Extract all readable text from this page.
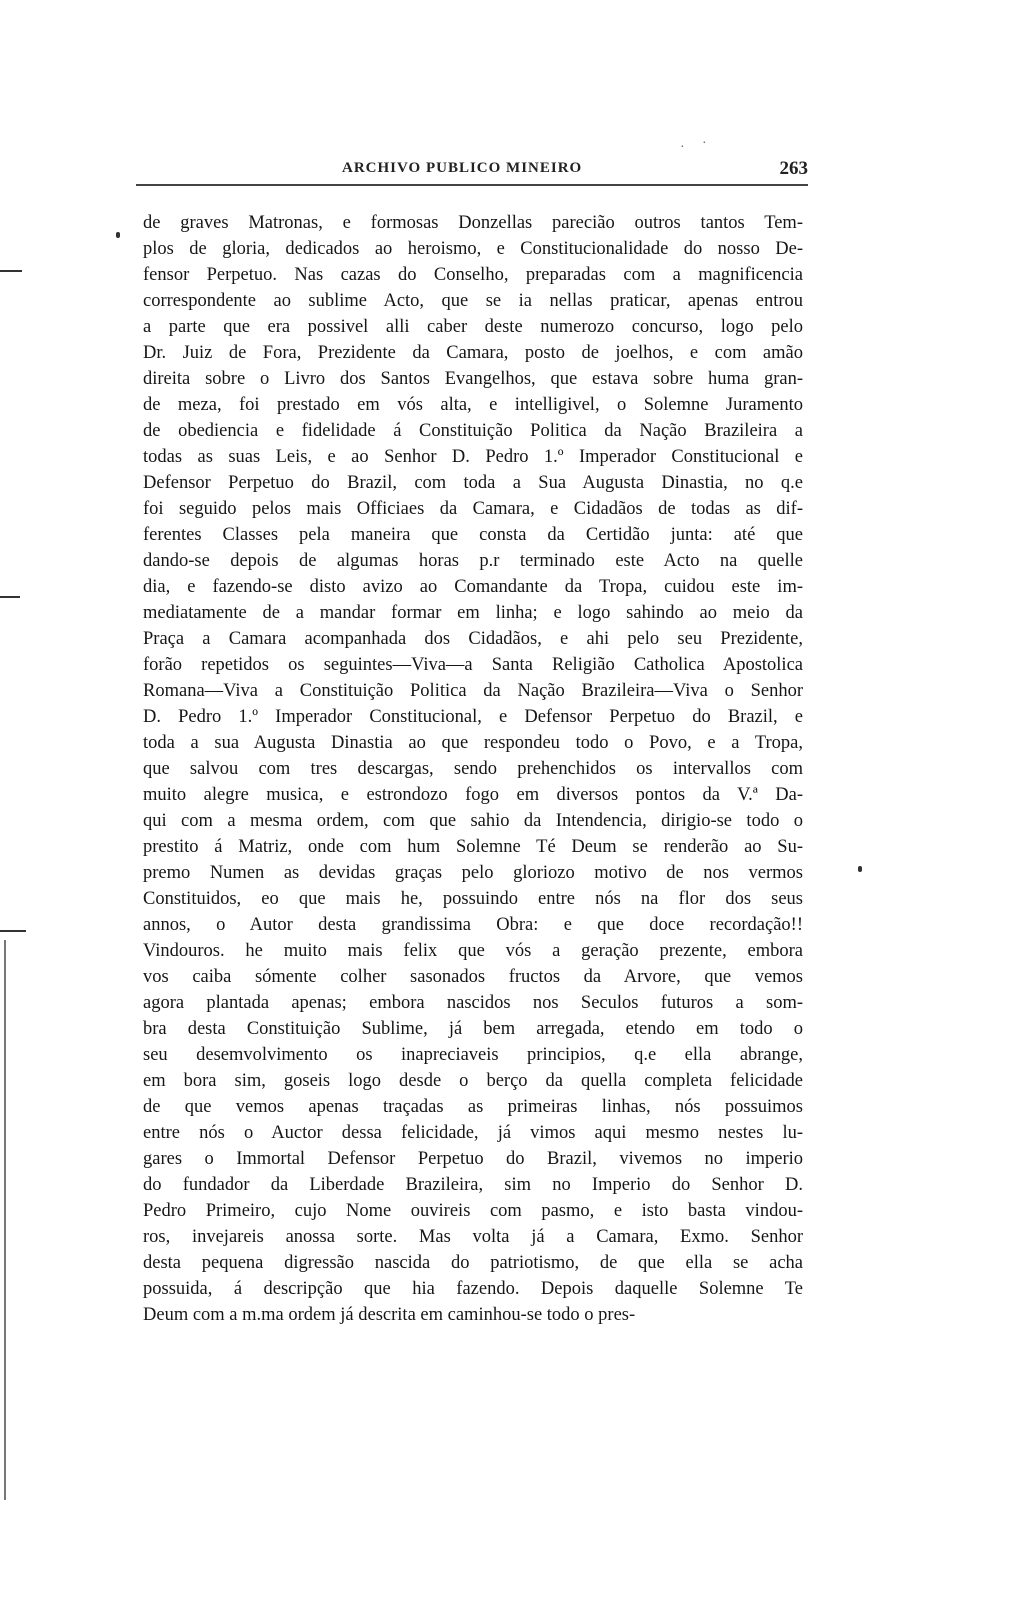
ARCHIVO PUBLICO MINEIRO	263
de graves Matronas, e formosas Donzellas parecião outros tantos Tem-
plos de gloria, dedicados ao heroismo, e Constitucionalidade do nosso De-
fensor Perpetuo. Nas cazas do Conselho, preparadas com a magnificencia
correspondente ao sublime Acto, que se ia nellas praticar, apenas entrou
a parte que era possivel alli caber deste numerozo concurso, logo pelo
Dr. Juiz de Fora, Prezidente da Camara, posto de joelhos, e com amão
direita sobre o Livro dos Santos Evangelhos, que estava sobre huma gran-
de meza, foi prestado em vós alta, e intelligivel, o Solemne Juramento
de obediencia e fidelidade á Constituição Politica da Nação Brazileira a
todas as suas Leis, e ao Senhor D. Pedro 1.º Imperador Constitucional e
Defensor Perpetuo do Brazil, com toda a Sua Augusta Dinastia, no q.e
foi seguido pelos mais Officiaes da Camara, e Cidadãos de todas as dif-
ferentes Classes pela maneira que consta da Certidão junta: até que
dando-se depois de algumas horas p.r terminado este Acto na quelle
dia, e fazendo-se disto avizo ao Comandante da Tropa, cuidou este im-
mediatamente de a mandar formar em linha; e logo sahindo ao meio da
Praça a Camara acompanhada dos Cidadãos, e ahi pelo seu Prezidente,
forão repetidos os seguintes—Viva—a Santa Religião Catholica Apostolica
Romana—Viva a Constituição Politica da Nação Brazileira—Viva o Senhor
D. Pedro 1.º Imperador Constitucional, e Defensor Perpetuo do Brazil, e
toda a sua Augusta Dinastia ao que respondeu todo o Povo, e a Tropa,
que salvou com tres descargas, sendo prehenchidos os intervallos com
muito alegre musica, e estrondozo fogo em diversos pontos da V.ª Da-
qui com a mesma ordem, com que sahio da Intendencia, dirigio-se todo o
prestito á Matriz, onde com hum Solemne Té Deum se renderão ao Su-
premo Numen as devidas graças pelo gloriozo motivo de nos vermos
Constituidos, eo que mais he, possuindo entre nós na flor dos seus
annos, o Autor desta grandissima Obra: e que doce recordação!!
Vindouros. he muito mais felix que vós a geração prezente, embora
vos caiba sómente colher sasonados fructos da Arvore, que vemos
agora plantada apenas; embora nascidos nos Seculos futuros a som-
bra desta Constituição Sublime, já bem arregada, etendo em todo o
seu desemvolvimento os inapreciaveis principios, q.e ella abrange,
em bora sim, goseis logo desde o berço da quella completa felicidade
de que vemos apenas traçadas as primeiras linhas, nós possuimos
entre nós o Auctor dessa felicidade, já vimos aqui mesmo nestes lu-
gares o Immortal Defensor Perpetuo do Brazil, vivemos no imperio
do fundador da Liberdade Brazileira, sim no Imperio do Senhor D.
Pedro Primeiro, cujo Nome ouvireis com pasmo, e isto basta vindou-
ros, invejareis anossa sorte. Mas volta já a Camara, Exmo. Senhor
desta pequena digressão nascida do patriotismo, de que ella se acha
possuida, á descripção que hia fazendo. Depois daquelle Solemne Te
Deum com a m.ma ordem já descrita em caminhou-se todo o pres-
· ·
